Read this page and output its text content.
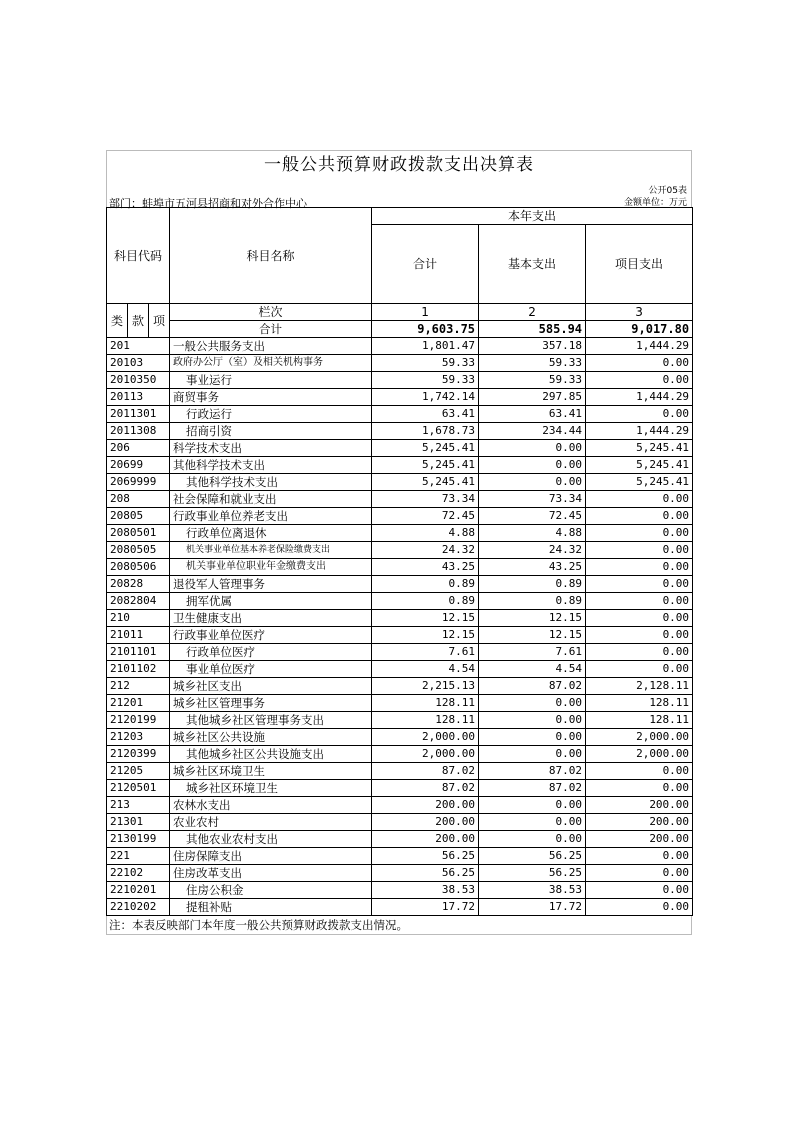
一般公共预算财政拨款支出决算表
公开05表
金额单位：万元
部门：蚌埠市五河县招商和对外合作中心
科目代码			科目名称	本年支出		
				合计	基本支出	项目支出
类	款	项	栏次	1	2	3
			合计	9,603.75	585.94	9,017.80
201			一般公共服务支出	1,801.47	357.18	1,444.29
20103			政府办公厅（室）及相关机构事务	59.33	59.33	0.00
2010350			事业运行	59.33	59.33	0.00
20113			商贸事务	1,742.14	297.85	1,444.29
2011301			行政运行	63.41	63.41	0.00
2011308			招商引资	1,678.73	234.44	1,444.29
206			科学技术支出	5,245.41	0.00	5,245.41
20699			其他科学技术支出	5,245.41	0.00	5,245.41
2069999			其他科学技术支出	5,245.41	0.00	5,245.41
208			社会保障和就业支出	73.34	73.34	0.00
20805			行政事业单位养老支出	72.45	72.45	0.00
2080501			行政单位离退休	4.88	4.88	0.00
2080505			机关事业单位基本养老保险缴费支出	24.32	24.32	0.00
2080506			机关事业单位职业年金缴费支出	43.25	43.25	0.00
20828			退役军人管理事务	0.89	0.89	0.00
2082804			拥军优属	0.89	0.89	0.00
210			卫生健康支出	12.15	12.15	0.00
21011			行政事业单位医疗	12.15	12.15	0.00
2101101			行政单位医疗	7.61	7.61	0.00
2101102			事业单位医疗	4.54	4.54	0.00
212			城乡社区支出	2,215.13	87.02	2,128.11
21201			城乡社区管理事务	128.11	0.00	128.11
2120199			其他城乡社区管理事务支出	128.11	0.00	128.11
21203			城乡社区公共设施	2,000.00	0.00	2,000.00
2120399			其他城乡社区公共设施支出	2,000.00	0.00	2,000.00
21205			城乡社区环境卫生	87.02	87.02	0.00
2120501			城乡社区环境卫生	87.02	87.02	0.00
213			农林水支出	200.00	0.00	200.00
21301			农业农村	200.00	0.00	200.00
2130199			其他农业农村支出	200.00	0.00	200.00
221			住房保障支出	56.25	56.25	0.00
22102			住房改革支出	56.25	56.25	0.00
2210201			住房公积金	38.53	38.53	0.00
2210202			提租补贴	17.72	17.72	0.00
注：本表反映部门本年度一般公共预算财政拨款支出情况。
